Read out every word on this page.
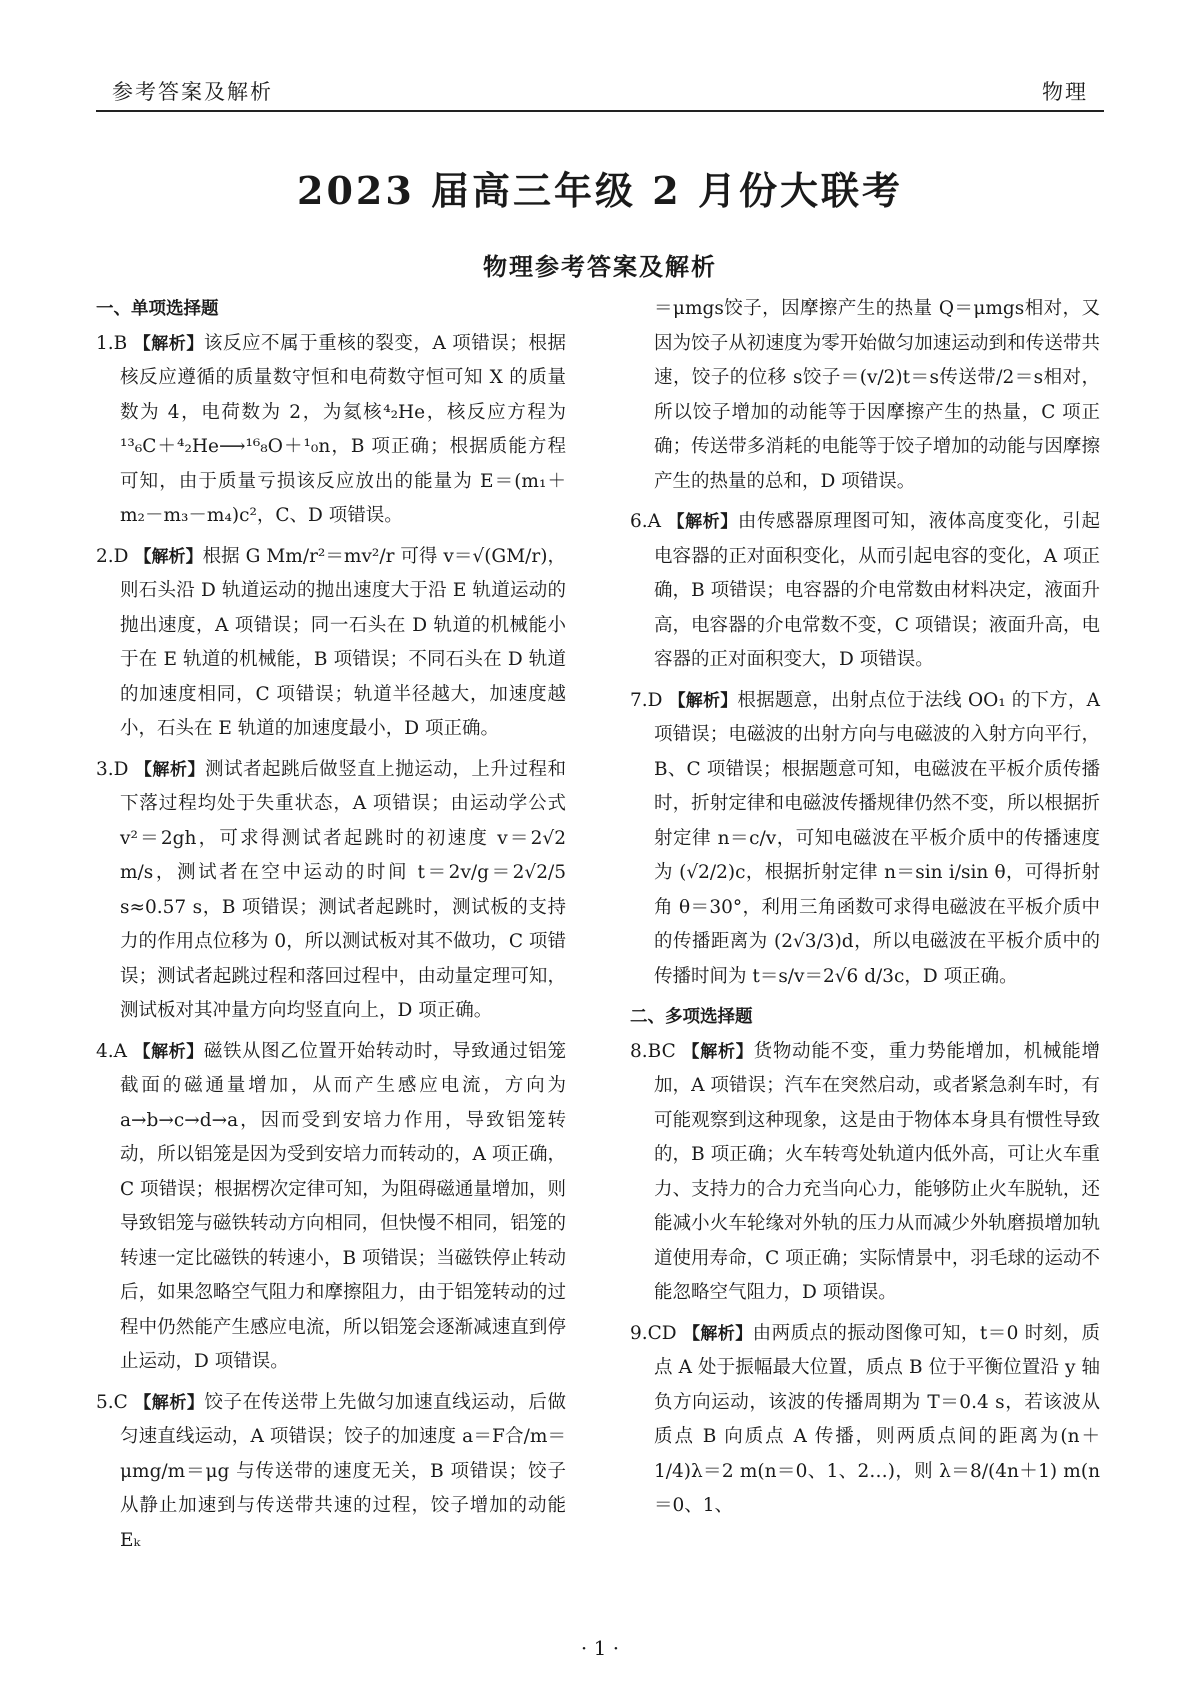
参考答案及解析	物理
2023 届高三年级 2 月份大联考
物理参考答案及解析

一、单项选择题

1.B 【解析】该反应不属于重核的裂变，A 项错误；根据核反应遵循的质量数守恒和电荷数守恒可知 X 的质量数为 4，电荷数为 2，为氦核⁴₂He，核反应方程为¹³₆C＋⁴₂He⟶¹⁶₈O＋¹₀n，B 项正确；根据质能方程可知，由于质量亏损该反应放出的能量为 E＝(m₁＋m₂－m₃－m₄)c²，C、D 项错误。

2.D 【解析】根据 G Mm/r²＝mv²/r 可得 v＝√(GM/r)，则石头沿 D 轨道运动的抛出速度大于沿 E 轨道运动的抛出速度，A 项错误；同一石头在 D 轨道的机械能小于在 E 轨道的机械能，B 项错误；不同石头在 D 轨道的加速度相同，C 项错误；轨道半径越大，加速度越小，石头在 E 轨道的加速度最小，D 项正确。

3.D 【解析】测试者起跳后做竖直上抛运动，上升过程和下落过程均处于失重状态，A 项错误；由运动学公式 v²＝2gh，可求得测试者起跳时的初速度 v＝2√2 m/s，测试者在空中运动的时间 t＝2v/g＝2√2/5 s≈0.57 s，B 项错误；测试者起跳时，测试板的支持力的作用点位移为 0，所以测试板对其不做功，C 项错误；测试者起跳过程和落回过程中，由动量定理可知，测试板对其冲量方向均竖直向上，D 项正确。

4.A 【解析】磁铁从图乙位置开始转动时，导致通过铝笼截面的磁通量增加，从而产生感应电流，方向为 a→b→c→d→a，因而受到安培力作用，导致铝笼转动，所以铝笼是因为受到安培力而转动的，A 项正确，C 项错误；根据楞次定律可知，为阻碍磁通量增加，则导致铝笼与磁铁转动方向相同，但快慢不相同，铝笼的转速一定比磁铁的转速小，B 项错误；当磁铁停止转动后，如果忽略空气阻力和摩擦阻力，由于铝笼转动的过程中仍然能产生感应电流，所以铝笼会逐渐减速直到停止运动，D 项错误。

5.C 【解析】饺子在传送带上先做匀加速直线运动，后做匀速直线运动，A 项错误；饺子的加速度 a＝F合/m＝μmg/m＝μg 与传送带的速度无关，B 项错误；饺子从静止加速到与传送带共速的过程，饺子增加的动能 Eₖ

＝μmgs饺子，因摩擦产生的热量 Q＝μmgs相对，又因为饺子从初速度为零开始做匀加速运动到和传送带共速，饺子的位移 s饺子＝(v/2)t＝s传送带/2＝s相对，所以饺子增加的动能等于因摩擦产生的热量，C 项正确；传送带多消耗的电能等于饺子增加的动能与因摩擦产生的热量的总和，D 项错误。

6.A 【解析】由传感器原理图可知，液体高度变化，引起电容器的正对面积变化，从而引起电容的变化，A 项正确，B 项错误；电容器的介电常数由材料决定，液面升高，电容器的介电常数不变，C 项错误；液面升高，电容器的正对面积变大，D 项错误。

7.D 【解析】根据题意，出射点位于法线 OO₁ 的下方，A 项错误；电磁波的出射方向与电磁波的入射方向平行，B、C 项错误；根据题意可知，电磁波在平板介质传播时，折射定律和电磁波传播规律仍然不变，所以根据折射定律 n＝c/v，可知电磁波在平板介质中的传播速度为 (√2/2)c，根据折射定律 n＝sin i/sin θ，可得折射角 θ＝30°，利用三角函数可求得电磁波在平板介质中的传播距离为 (2√3/3)d，所以电磁波在平板介质中的传播时间为 t＝s/v＝2√6 d/3c，D 项正确。

二、多项选择题

8.BC 【解析】货物动能不变，重力势能增加，机械能增加，A 项错误；汽车在突然启动，或者紧急刹车时，有可能观察到这种现象，这是由于物体本身具有惯性导致的，B 项正确；火车转弯处轨道内低外高，可让火车重力、支持力的合力充当向心力，能够防止火车脱轨，还能减小火车轮缘对外轨的压力从而减少外轨磨损增加轨道使用寿命，C 项正确；实际情景中，羽毛球的运动不能忽略空气阻力，D 项错误。

9.CD 【解析】由两质点的振动图像可知，t＝0 时刻，质点 A 处于振幅最大位置，质点 B 位于平衡位置沿 y 轴负方向运动，该波的传播周期为 T＝0.4 s，若该波从质点 B 向质点 A 传播，则两质点间的距离为(n＋1/4)λ＝2 m(n＝0、1、2…)，则 λ＝8/(4n＋1) m(n＝0、1、

· 1 ·
